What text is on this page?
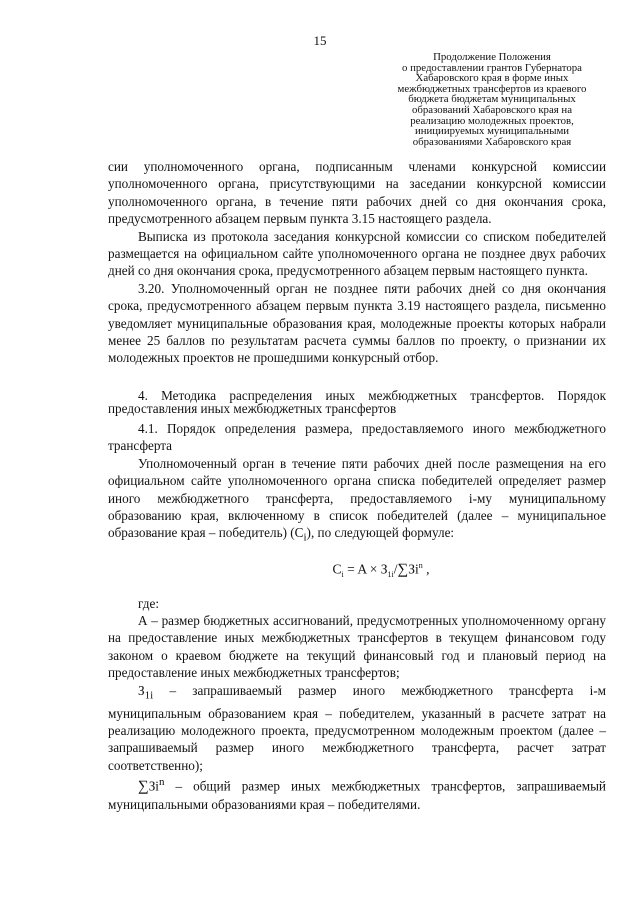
15
Продолжение Положения
о предоставлении грантов Губернатора
Хабаровского края в форме иных
межбюджетных трансфертов из краевого
бюджета бюджетам муниципальных
образований Хабаровского края на
реализацию молодежных проектов,
инициируемых муниципальными
образованиями Хабаровского края

сии уполномоченного органа, подписанным членами конкурсной комиссии уполномоченного органа, присутствующими на заседании конкурсной комиссии уполномоченного органа, в течение пяти рабочих дней со дня окончания срока, предусмотренного абзацем первым пункта 3.15 настоящего раздела.

Выписка из протокола заседания конкурсной комиссии со списком победителей размещается на официальном сайте уполномоченного органа не позднее двух рабочих дней со дня окончания срока, предусмотренного абзацем первым настоящего пункта.

3.20. Уполномоченный орган не позднее пяти рабочих дней со дня окончания срока, предусмотренного абзацем первым пункта 3.19 настоящего раздела, письменно уведомляет муниципальные образования края, молодежные проекты которых набрали менее 25 баллов по результатам расчета суммы баллов по проекту, о признании их молодежных проектов не прошедшими конкурсный отбор.

4. Методика распределения иных межбюджетных трансфертов. Порядок предоставления иных межбюджетных трансфертов

4.1. Порядок определения размера, предоставляемого иного межбюджетного трансферта

Уполномоченный орган в течение пяти рабочих дней после размещения на его официальном сайте уполномоченного органа списка победителей определяет размер иного межбюджетного трансферта, предоставляемого i-му муниципальному образованию края, включенному в список победителей (далее – муниципальное образование края – победитель) $(C_i)$, по следующей формуле:

$C_i = A \times З_{1i}/\sum Зi^n$ ,

где:

А – размер бюджетных ассигнований, предусмотренных уполномоченному органу на предоставление иных межбюджетных трансфертов в текущем финансовом году законом о краевом бюджете на текущий финансовый год и плановый период на предоставление иных межбюджетных трансфертов;

$З_{1i}$ – запрашиваемый размер иного межбюджетного трансферта i-м муниципальным образованием края – победителем, указанный в расчете затрат на реализацию молодежного проекта, предусмотренном молодежным проектом (далее – запрашиваемый размер иного межбюджетного трансферта, расчет затрат соответственно);

$\sum Зi^n$ – общий размер иных межбюджетных трансфертов, запрашиваемый муниципальными образованиями края – победителями.
